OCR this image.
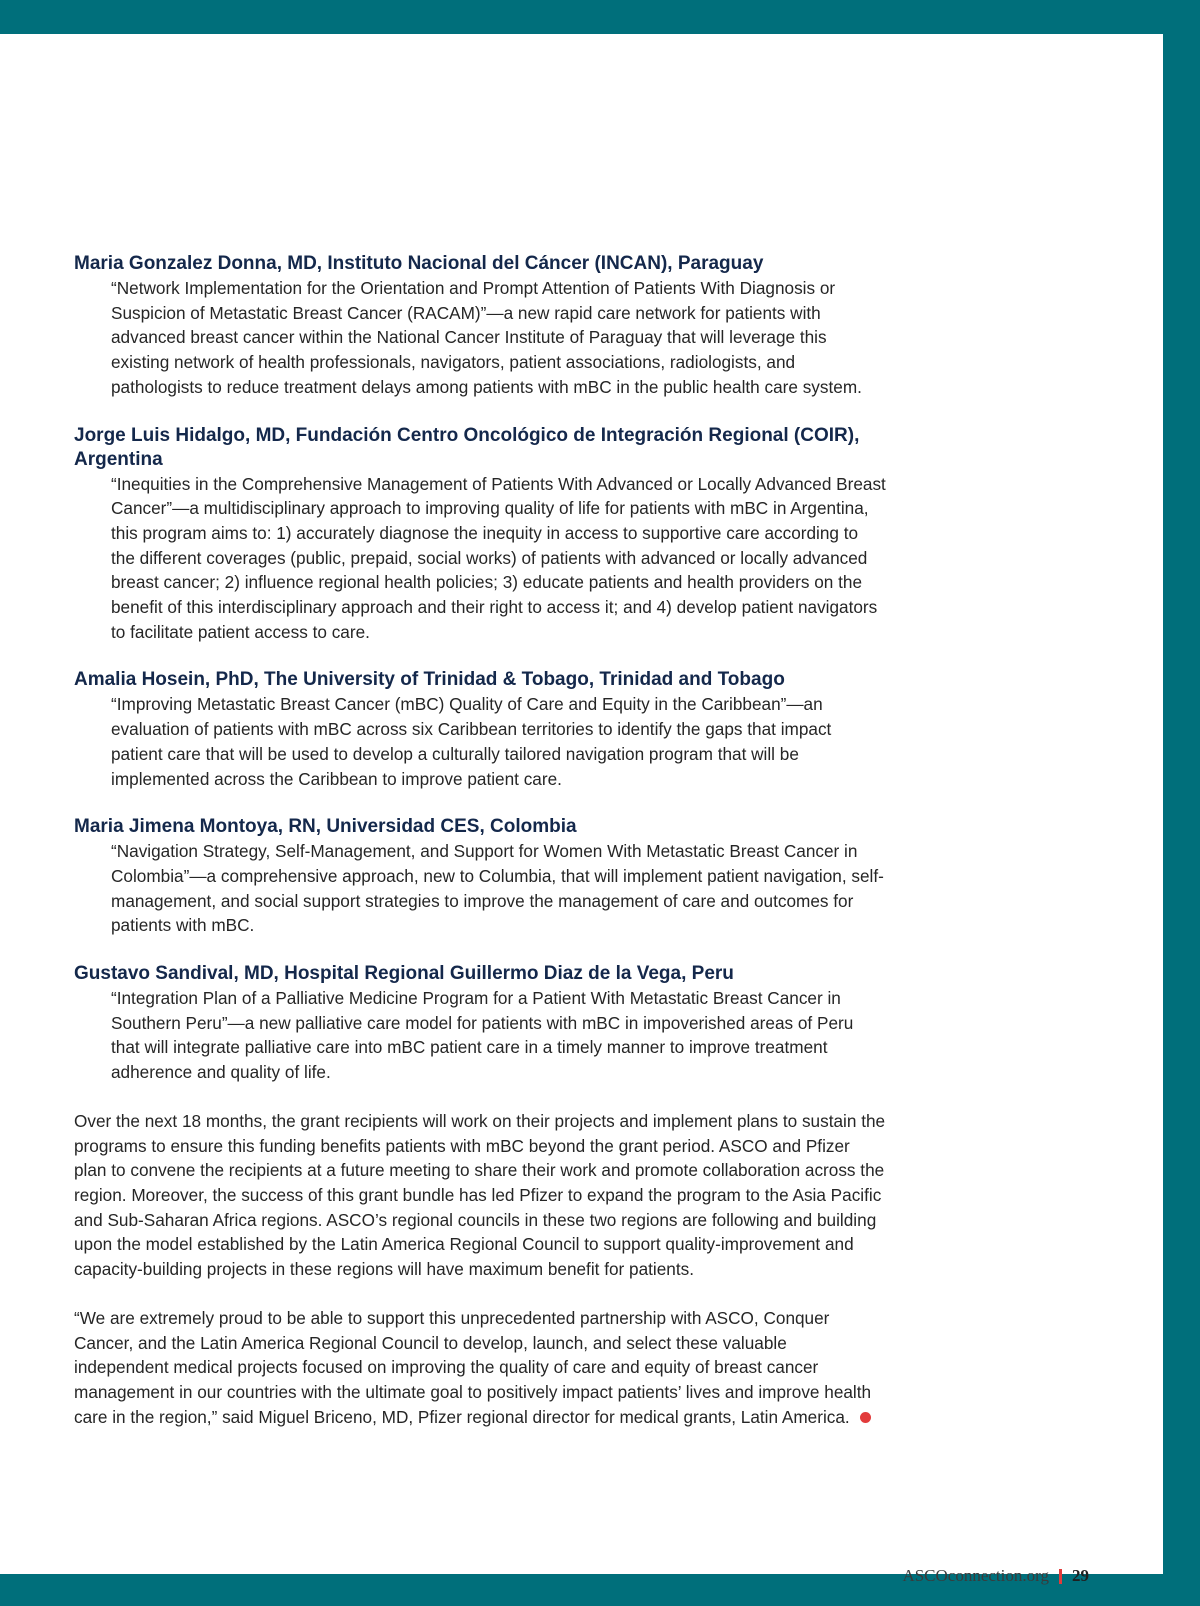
Maria Gonzalez Donna, MD, Instituto Nacional del Cáncer (INCAN), Paraguay

“Network Implementation for the Orientation and Prompt Attention of Patients With Diagnosis or Suspicion of Metastatic Breast Cancer (RACAM)”—a new rapid care network for patients with advanced breast cancer within the National Cancer Institute of Paraguay that will leverage this existing network of health professionals, navigators, patient associations, radiologists, and pathologists to reduce treatment delays among patients with mBC in the public health care system.

Jorge Luis Hidalgo, MD, Fundación Centro Oncológico de Integración Regional (COIR), Argentina

“Inequities in the Comprehensive Management of Patients With Advanced or Locally Advanced Breast Cancer”—a multidisciplinary approach to improving quality of life for patients with mBC in Argentina, this program aims to: 1) accurately diagnose the inequity in access to supportive care according to the different coverages (public, prepaid, social works) of patients with advanced or locally advanced breast cancer; 2) influence regional health policies; 3) educate patients and health providers on the benefit of this interdisciplinary approach and their right to access it; and 4) develop patient navigators to facilitate patient access to care.

Amalia Hosein, PhD, The University of Trinidad & Tobago, Trinidad and Tobago

“Improving Metastatic Breast Cancer (mBC) Quality of Care and Equity in the Caribbean”—an evaluation of patients with mBC across six Caribbean territories to identify the gaps that impact patient care that will be used to develop a culturally tailored navigation program that will be implemented across the Caribbean to improve patient care.

Maria Jimena Montoya, RN, Universidad CES, Colombia

“Navigation Strategy, Self-Management, and Support for Women With Metastatic Breast Cancer in Colombia”—a comprehensive approach, new to Columbia, that will implement patient navigation, self-management, and social support strategies to improve the management of care and outcomes for patients with mBC.

Gustavo Sandival, MD, Hospital Regional Guillermo Diaz de la Vega, Peru

“Integration Plan of a Palliative Medicine Program for a Patient With Metastatic Breast Cancer in Southern Peru”—a new palliative care model for patients with mBC in impoverished areas of Peru that will integrate palliative care into mBC patient care in a timely manner to improve treatment adherence and quality of life.

Over the next 18 months, the grant recipients will work on their projects and implement plans to sustain the programs to ensure this funding benefits patients with mBC beyond the grant period. ASCO and Pfizer plan to convene the recipients at a future meeting to share their work and promote collaboration across the region. Moreover, the success of this grant bundle has led Pfizer to expand the program to the Asia Pacific and Sub-Saharan Africa regions. ASCO’s regional councils in these two regions are following and building upon the model established by the Latin America Regional Council to support quality-improvement and capacity-building projects in these regions will have maximum benefit for patients.

“We are extremely proud to be able to support this unprecedented partnership with ASCO, Conquer Cancer, and the Latin America Regional Council to develop, launch, and select these valuable independent medical projects focused on improving the quality of care and equity of breast cancer management in our countries with the ultimate goal to positively impact patients’ lives and improve health care in the region,” said Miguel Briceno, MD, Pfizer regional director for medical grants, Latin America.

ASCOconnection.org 29
